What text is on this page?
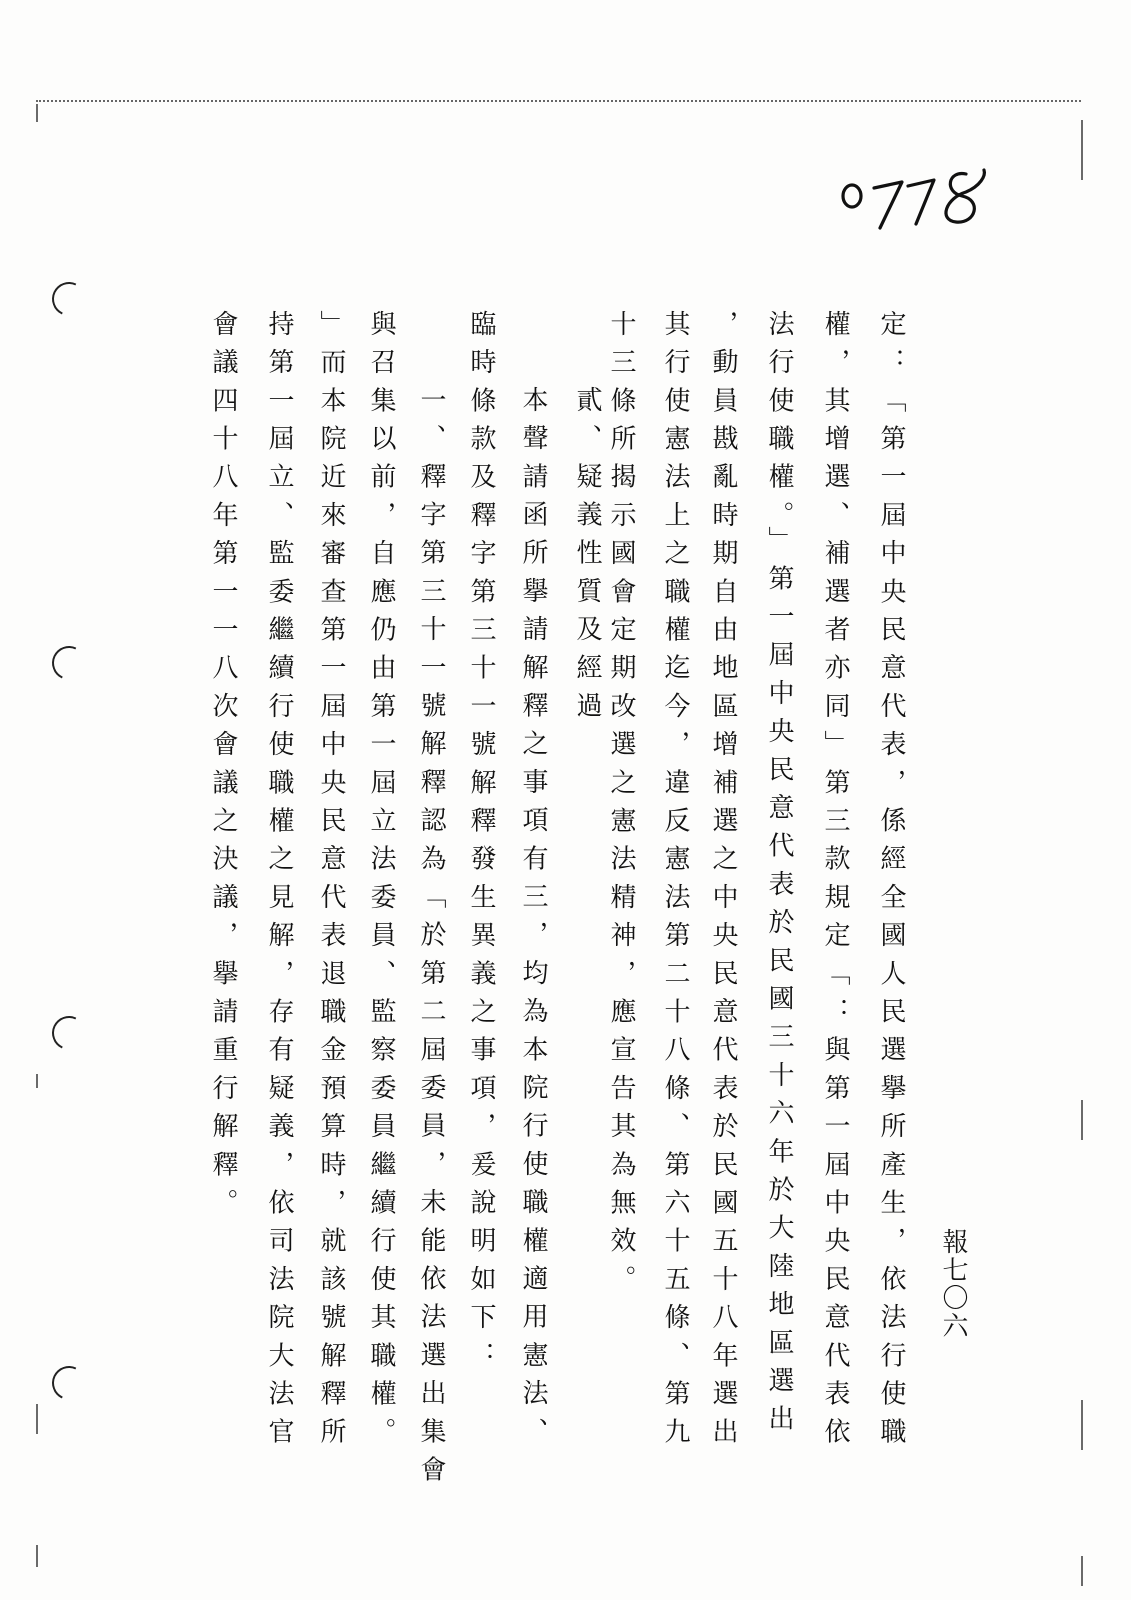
定：「第一屆中央民意代表，係經全國人民選擧所產生，依法行使職
權，其增選、補選者亦同」第三款規定「：與第一屆中央民意代表依
法行使職權。」第一屆中央民意代表於民國三十六年於大陸地區選出
，動員戡亂時期自由地區增補選之中央民意代表於民國五十八年選出
其行使憲法上之職權迄今，違反憲法第二十八條、第六十五條、第九
十三條所揭示國會定期改選之憲法精神，應宣告其為無效。
貳、疑義性質及經過
本聲請函所擧請解釋之事項有三，均為本院行使職權適用憲法、
臨時條款及釋字第三十一號解釋發生異義之事項，爰說明如下：
一、釋字第三十一號解釋認為「於第二屆委員，未能依法選出集會
與召集以前，自應仍由第一屆立法委員、監察委員繼續行使其職權。
」而本院近來審查第一屆中央民意代表退職金預算時，就該號解釋所
持第一屆立、監委繼續行使職權之見解，存有疑義，依司法院大法官
會議四十八年第一一八次會議之決議，擧請重行解釋。
報七〇六
